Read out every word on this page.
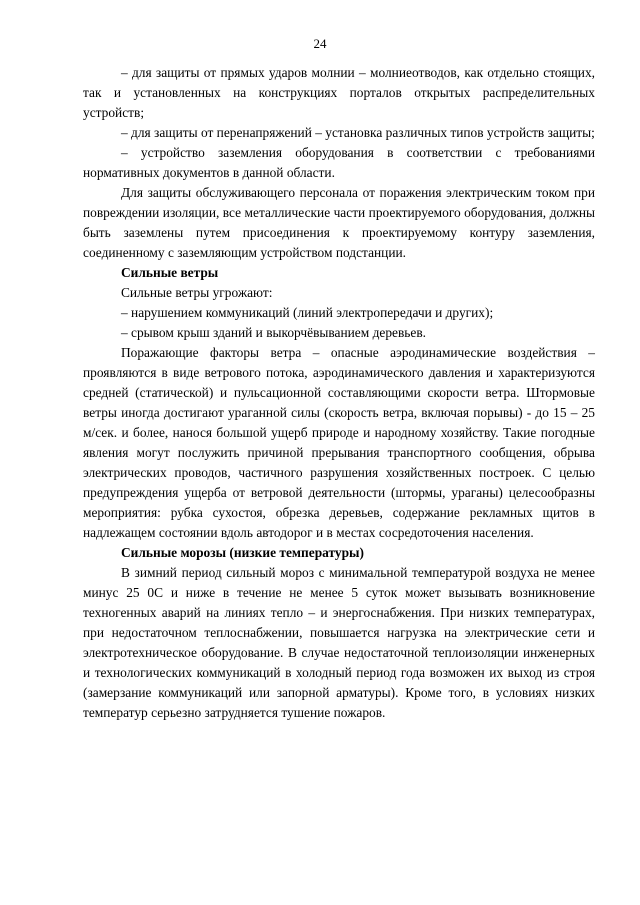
24

– для защиты от прямых ударов молнии – молниеотводов, как отдельно стоящих, так и установленных на конструкциях порталов открытых распределительных устройств;

– для защиты от перенапряжений – установка различных типов устройств защиты;

– устройство заземления оборудования в соответствии с требованиями нормативных документов в данной области.

Для защиты обслуживающего персонала от поражения электрическим током при повреждении изоляции, все металлические части проектируемого оборудования, должны быть заземлены путем присоединения к проектируемому контуру заземления, соединенному с заземляющим устройством подстанции.

Сильные ветры

Сильные ветры угрожают:

– нарушением коммуникаций (линий электропередачи и других);

– срывом крыш зданий и выкорчёвыванием деревьев.

Поражающие факторы ветра – опасные аэродинамические воздействия – проявляются в виде ветрового потока, аэродинамического давления и характеризуются средней (статической) и пульсационной составляющими скорости ветра. Штормовые ветры иногда достигают ураганной силы (скорость ветра, включая порывы) - до 15 – 25 м/сек. и более, нанося большой ущерб природе и народному хозяйству. Такие погодные явления могут послужить причиной прерывания транспортного сообщения, обрыва электрических проводов, частичного разрушения хозяйственных построек. С целью предупреждения ущерба от ветровой деятельности (штормы, ураганы) целесообразны мероприятия: рубка сухостоя, обрезка деревьев, содержание рекламных щитов в надлежащем состоянии вдоль автодорог и в местах сосредоточения населения.

Сильные морозы (низкие температуры)

В зимний период сильный мороз с минимальной температурой воздуха не менее минус 25 0С и ниже в течение не менее 5 суток может вызывать возникновение техногенных аварий на линиях тепло – и энергоснабжения. При низких температурах, при недостаточном теплоснабжении, повышается нагрузка на электрические сети и электротехническое оборудование. В случае недостаточной теплоизоляции инженерных и технологических коммуникаций в холодный период года возможен их выход из строя (замерзание коммуникаций или запорной арматуры). Кроме того, в условиях низких температур серьезно затрудняется тушение пожаров.
